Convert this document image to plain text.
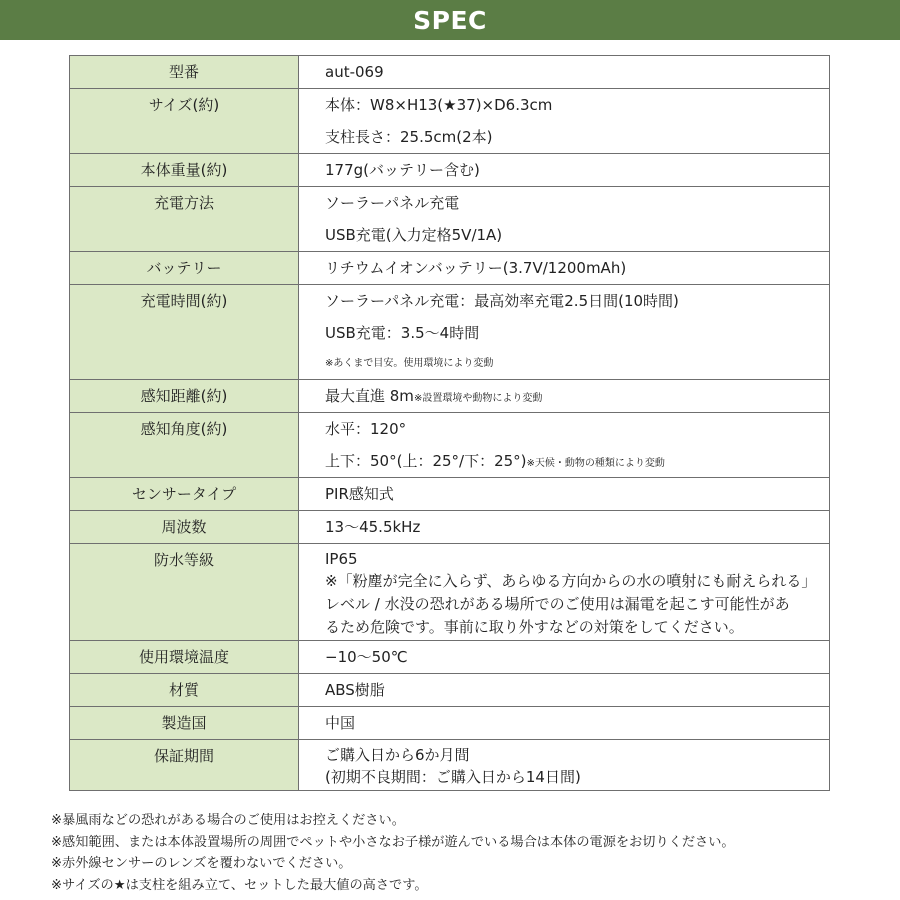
SPEC
型番	aut-069

サイズ(約)	本体：W8×H13(★37)×D6.3cm
支柱長さ：25.5cm(2本)

本体重量(約)	177g(バッテリー含む)

充電方法	ソーラーパネル充電
USB充電(入力定格5V/1A)

バッテリー	リチウムイオンバッテリー(3.7V/1200mAh)

充電時間(約)	ソーラーパネル充電：最高効率充電2.5日間(10時間)
USB充電：3.5〜4時間
※あくまで目安。使用環境により変動

感知距離(約)	最大直進 8m※設置環境や動物により変動

感知角度(約)	水平：120°
上下：50°(上：25°/下：25°)※天候・動物の種類により変動

センサータイプ	PIR感知式

周波数	13〜45.5kHz

防水等級	IP65
※「粉塵が完全に入らず、あらゆる方向からの水の噴射にも耐えられる」
レベル / 水没の恐れがある場所でのご使用は漏電を起こす可能性があ
るため危険です。事前に取り外すなどの対策をしてください。

使用環境温度	−10〜50℃

材質	ABS樹脂

製造国	中国

保証期間	ご購入日から6か月間
(初期不良期間：ご購入日から14日間)
※暴風雨などの恐れがある場合のご使用はお控えください。
※感知範囲、または本体設置場所の周囲でペットや小さなお子様が遊んでいる場合は本体の電源をお切りください。
※赤外線センサーのレンズを覆わないでください。
※サイズの★は支柱を組み立て、セットした最大値の高さです。
